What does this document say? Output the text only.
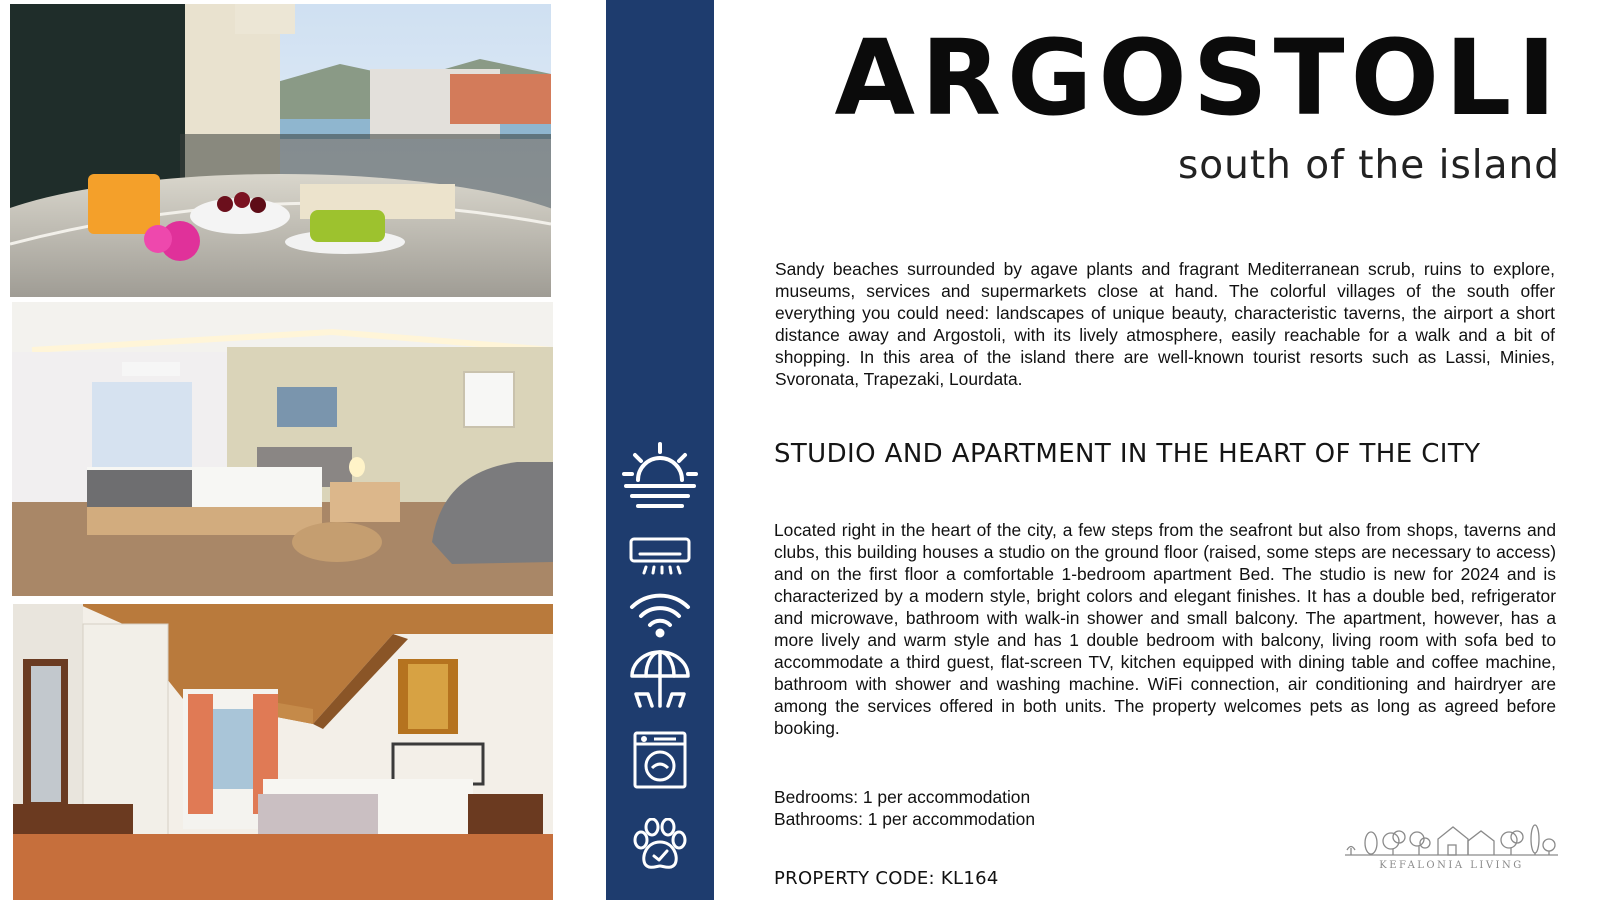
ARGOSTOLI
south of the island

Sandy beaches surrounded by agave plants and fragrant Mediterranean scrub, ruins to explore, museums, services and supermarkets close at hand. The colorful villages of the south offer everything you could need: landscapes of unique beauty, characteristic taverns, the airport a short distance away and Argostoli, with its lively atmosphere, easily reachable for a walk and a bit of shopping. In this area of the island there are well-known tourist resorts such as Lassi, Minies, Svoronata, Trapezaki, Lourdata.

STUDIO AND APARTMENT IN THE HEART OF THE CITY

Located right in the heart of the city, a few steps from the seafront but also from shops, taverns and clubs, this building houses a studio on the ground floor (raised, some steps are necessary to access) and on the first floor a comfortable 1-bedroom apartment Bed. The studio is new for 2024 and is characterized by a modern style, bright colors and elegant finishes. It has a double bed, refrigerator and microwave, bathroom with walk-in shower and small balcony. The apartment, however, has a more lively and warm style and has 1 double bedroom with balcony, living room with sofa bed to accommodate a third guest, flat-screen TV, kitchen equipped with dining table and coffee machine, bathroom with shower and washing machine. WiFi connection, air conditioning and hairdryer are among the services offered in both units. The property welcomes pets as long as agreed before booking.

Bedrooms: 1 per accommodation
Bathrooms: 1 per accommodation
PROPERTY CODE: KL164
KEFALONIA LIVING
